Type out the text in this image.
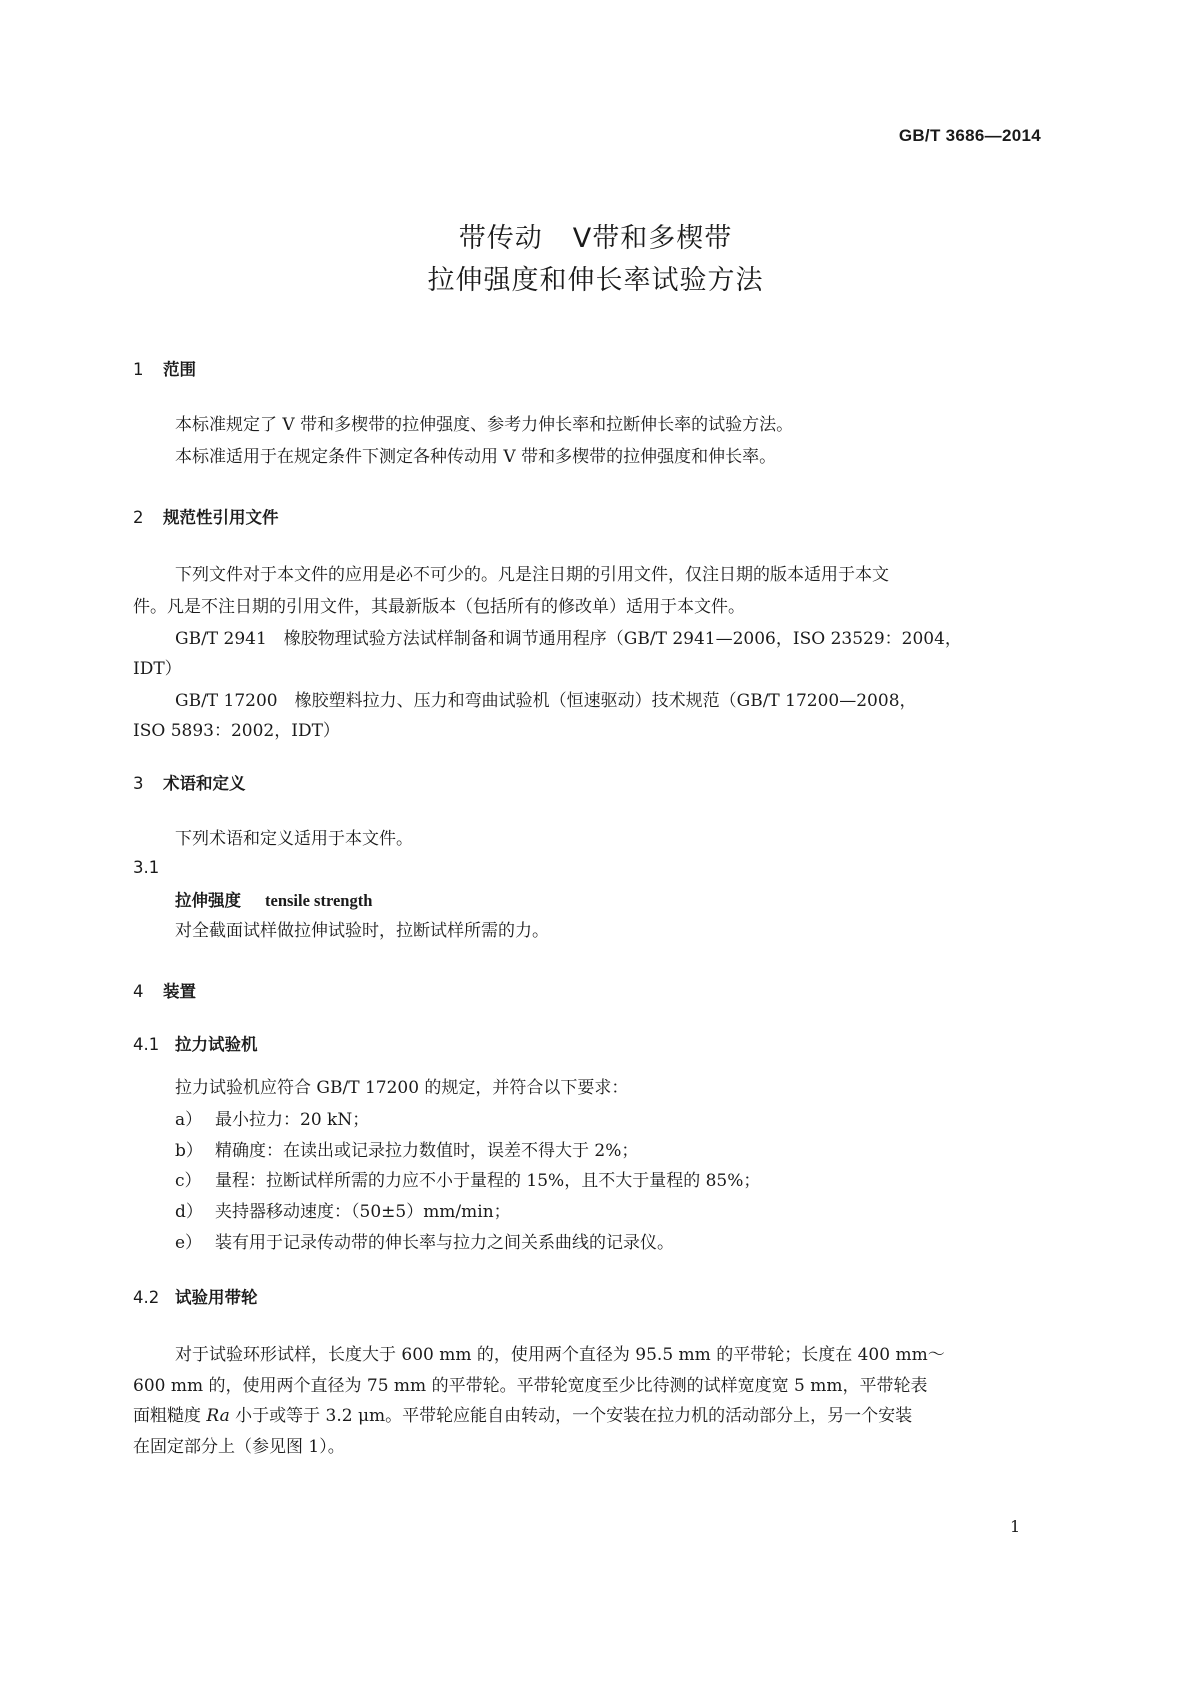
GB/T 3686—2014
带传动 V带和多楔带
拉伸强度和伸长率试验方法
1 范围
本标准规定了 V 带和多楔带的拉伸强度、参考力伸长率和拉断伸长率的试验方法。
本标准适用于在规定条件下测定各种传动用 V 带和多楔带的拉伸强度和伸长率。
2 规范性引用文件
下列文件对于本文件的应用是必不可少的。凡是注日期的引用文件，仅注日期的版本适用于本文
件。凡是不注日期的引用文件，其最新版本（包括所有的修改单）适用于本文件。
GB/T 2941　橡胶物理试验方法试样制备和调节通用程序（GB/T 2941—2006，ISO 23529：2004，
IDT）
GB/T 17200　橡胶塑料拉力、压力和弯曲试验机（恒速驱动）技术规范（GB/T 17200—2008，
ISO 5893：2002，IDT）
3 术语和定义
下列术语和定义适用于本文件。
3.1
拉伸强度 tensile strength
对全截面试样做拉伸试验时，拉断试样所需的力。
4 装置
4.1 拉力试验机
拉力试验机应符合 GB/T 17200 的规定，并符合以下要求：
a） 最小拉力：20 kN；
b） 精确度：在读出或记录拉力数值时，误差不得大于 2%；
c） 量程：拉断试样所需的力应不小于量程的 15%，且不大于量程的 85%；
d） 夹持器移动速度：（50±5）mm/min；
e） 装有用于记录传动带的伸长率与拉力之间关系曲线的记录仪。
4.2 试验用带轮
对于试验环形试样，长度大于 600 mm 的，使用两个直径为 95.5 mm 的平带轮；长度在 400 mm～
600 mm 的，使用两个直径为 75 mm 的平带轮。平带轮宽度至少比待测的试样宽度宽 5 mm，平带轮表
面粗糙度 Ra 小于或等于 3.2 μm。平带轮应能自由转动，一个安装在拉力机的活动部分上，另一个安装
在固定部分上（参见图 1）。
1
